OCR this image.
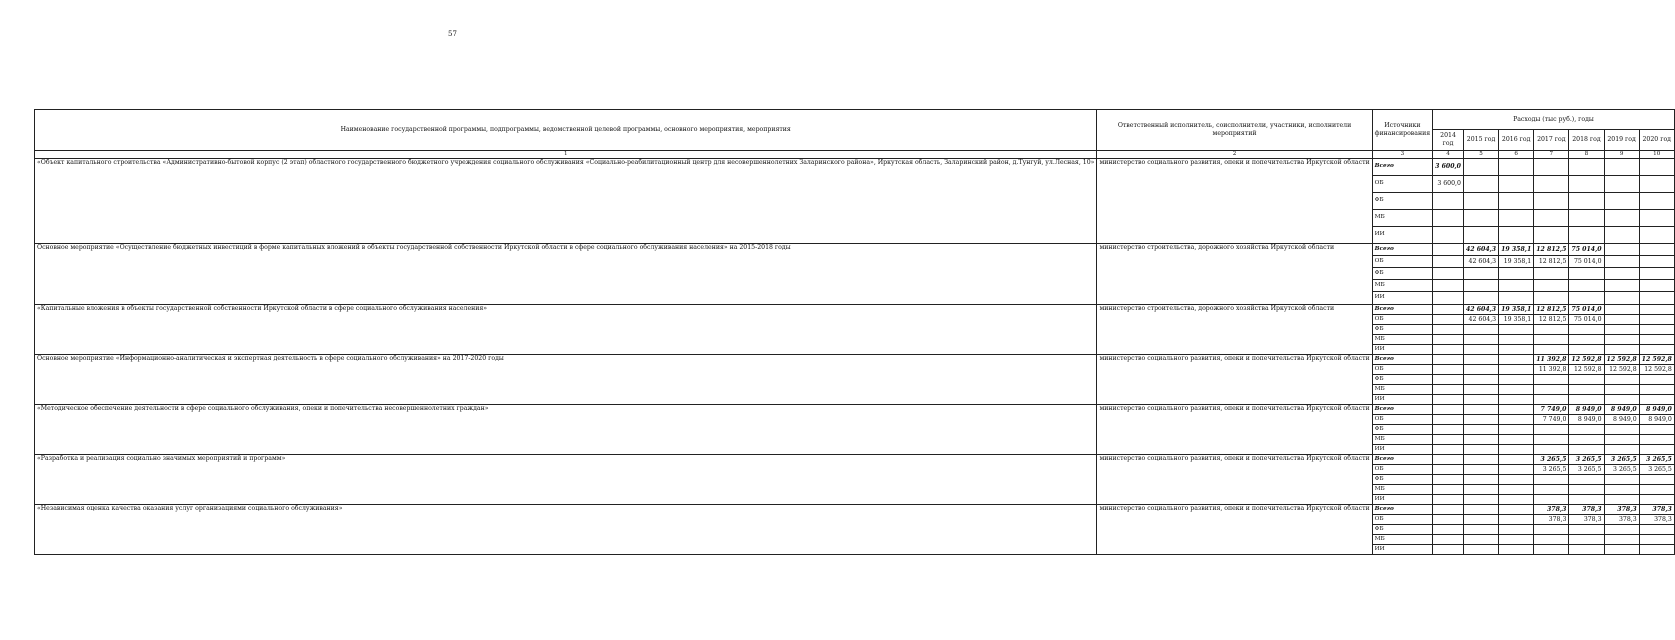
57
Наименование государственной программы, подпрограммы, ведомственной целевой программы, основного мероприятия, мероприятия	Ответственный исполнитель, соисполнители, участники, исполнители мероприятий	Источники финансирования	Расходы (тыс руб.), годы						
			2014 год	2015 год	2016 год	2017 год	2018 год	2019 год	2020 год
1	2	3	4	5	6	7	8	9	10
«Объект капитального строительства «Административно-бытовой корпус (2 этап) областного государственного бюджетного учреждения социального обслуживания «Социально-реабилитационный центр для несовершеннолетних Заларинского района», Иркутская область, Заларинский район, д.Тунгуй, ул.Лесная, 10»	министерство социального развития, опеки и попечительства Иркутской области	Всего	3 600,0						
		ОБ	3 600,0						
		ФБ							
		МБ							
		ИИ							
Основное мероприятие «Осуществление бюджетных инвестиций в форме капитальных вложений в объекты государственной собственности Иркутской области в сфере социального обслуживания населения» на 2015-2018 годы	министерство строительства, дорожного хозяйства Иркутской области	Всего		42 604,3	19 358,1	12 812,5	75 014,0		
		ОБ		42 604,3	19 358,1	12 812,5	75 014,0		
		ФБ							
		МБ							
		ИИ							
«Капитальные вложения в объекты государственной собственности Иркутской области в сфере социального обслуживания населения»	министерство строительства, дорожного хозяйства Иркутской области	Всего		42 604,3	19 358,1	12 812,5	75 014,0		
		ОБ		42 604,3	19 358,1	12 812,5	75 014,0		
		ФБ							
		МБ							
		ИИ							
Основное мероприятие «Информационно-аналитическая и экспертная деятельность в сфере социального обслуживания» на 2017-2020 годы	министерство социального развития, опеки и попечительства Иркутской области	Всего				11 392,8	12 592,8	12 592,8	12 592,8
		ОБ				11 392,8	12 592,8	12 592,8	12 592,8
		ФБ							
		МБ							
		ИИ							
«Методическое обеспечение деятельности в сфере социального обслуживания, опеки и попечительства несовершеннолетних граждан»	министерство социального развития, опеки и попечительства Иркутской области	Всего				7 749,0	8 949,0	8 949,0	8 949,0
		ОБ				7 749,0	8 949,0	8 949,0	8 949,0
		ФБ							
		МБ							
		ИИ							
«Разработка и реализация социально значимых мероприятий и программ»	министерство социального развития, опеки и попечительства Иркутской области	Всего				3 265,5	3 265,5	3 265,5	3 265,5
		ОБ				3 265,5	3 265,5	3 265,5	3 265,5
		ФБ							
		МБ							
		ИИ							
«Независимая оценка качества оказания услуг организациями социального обслуживания»	министерство социального развития, опеки и попечительства Иркутской области	Всего				378,3	378,3	378,3	378,3
		ОБ				378,3	378,3	378,3	378,3
		ФБ							
		МБ							
		ИИ							
